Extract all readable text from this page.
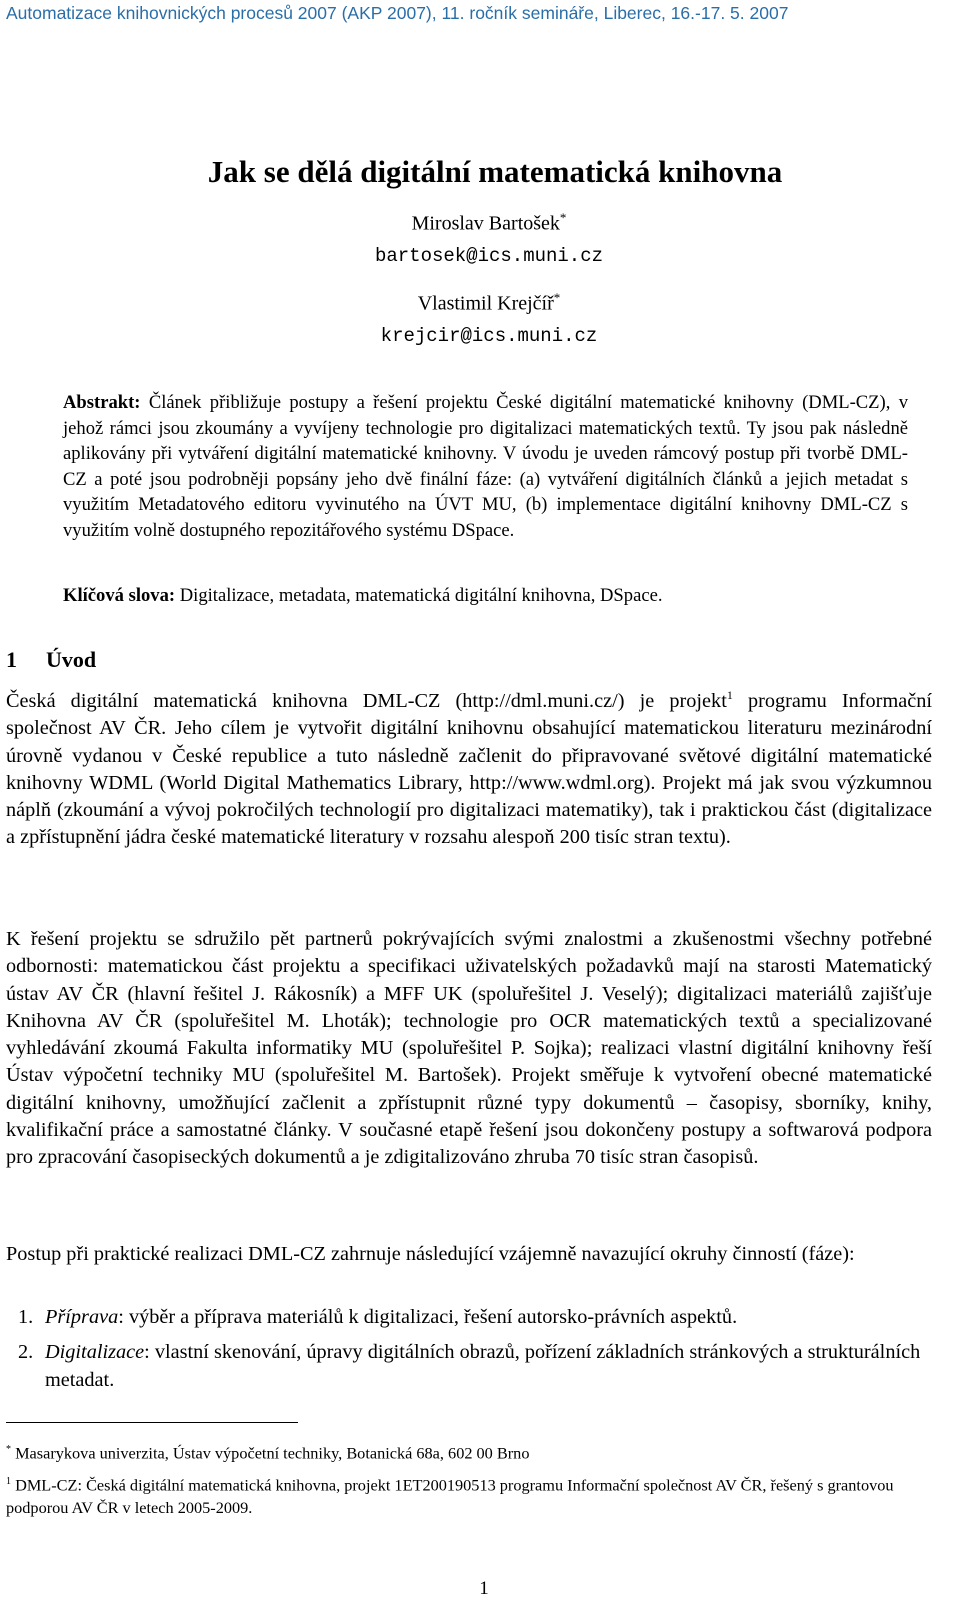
Automatizace knihovnických procesů 2007 (AKP 2007), 11. ročník semináře, Liberec, 16.-17. 5. 2007
Jak se dělá digitální matematická knihovna
Miroslav Bartošek*
bartosek@ics.muni.cz
Vlastimil Krejčíř*
krejcir@ics.muni.cz
Abstrakt: Článek přibližuje postupy a řešení projektu České digitální matematické knihovny (DML-CZ), v jehož rámci jsou zkoumány a vyvíjeny technologie pro digitalizaci matematických textů. Ty jsou pak následně aplikovány při vytváření digitální matematické knihovny. V úvodu je uveden rámcový postup při tvorbě DML-CZ a poté jsou podrobněji popsány jeho dvě finální fáze: (a) vytváření digitálních článků a jejich metadat s využitím Metadatového editoru vyvinutého na ÚVT MU, (b) implementace digitální knihovny DML-CZ s využitím volně dostupného repozitářového systému DSpace.
Klíčová slova: Digitalizace, metadata, matematická digitální knihovna, DSpace.
1 Úvod
Česká digitální matematická knihovna DML-CZ (http://dml.muni.cz/) je projekt$^1$ programu Informační společnost AV ČR. Jeho cílem je vytvořit digitální knihovnu obsahující matematickou literaturu mezinárodní úrovně vydanou v České republice a tuto následně začlenit do připravované světové digitální matematické knihovny WDML (World Digital Mathematics Library, http://www.wdml.org). Projekt má jak svou výzkumnou náplň (zkoumání a vývoj pokročilých technologií pro digitalizaci matematiky), tak i praktickou část (digitalizace a zpřístupnění jádra české matematické literatury v rozsahu alespoň 200 tisíc stran textu).
K řešení projektu se sdružilo pět partnerů pokrývajících svými znalostmi a zkušenostmi všechny potřebné odbornosti: matematickou část projektu a specifikaci uživatelských požadavků mají na starosti Matematický ústav AV ČR (hlavní řešitel J. Rákosník) a MFF UK (spoluřešitel J. Veselý); digitalizaci materiálů zajišťuje Knihovna AV ČR (spoluřešitel M. Lhoták); technologie pro OCR matematických textů a specializované vyhledávání zkoumá Fakulta informatiky MU (spoluřešitel P. Sojka); realizaci vlastní digitální knihovny řeší Ústav výpočetní techniky MU (spoluřešitel M. Bartošek). Projekt směřuje k vytvoření obecné matematické digitální knihovny, umožňující začlenit a zpřístupnit různé typy dokumentů – časopisy, sborníky, knihy, kvalifikační práce a samostatné články. V současné etapě řešení jsou dokončeny postupy a softwarová podpora pro zpracování časopiseckých dokumentů a je zdigitalizováno zhruba 70 tisíc stran časopisů.
Postup při praktické realizaci DML-CZ zahrnuje následující vzájemně navazující okruhy činností (fáze):
1. Příprava: výběr a příprava materiálů k digitalizaci, řešení autorsko-právních aspektů.
2. Digitalizace: vlastní skenování, úpravy digitálních obrazů, pořízení základních stránkových a strukturálních metadat.
* Masarykova univerzita, Ústav výpočetní techniky, Botanická 68a, 602 00 Brno
$^1$ DML-CZ: Česká digitální matematická knihovna, projekt 1ET200190513 programu Informační společnost AV ČR, řešený s grantovou podporou AV ČR v letech 2005-2009.
1
